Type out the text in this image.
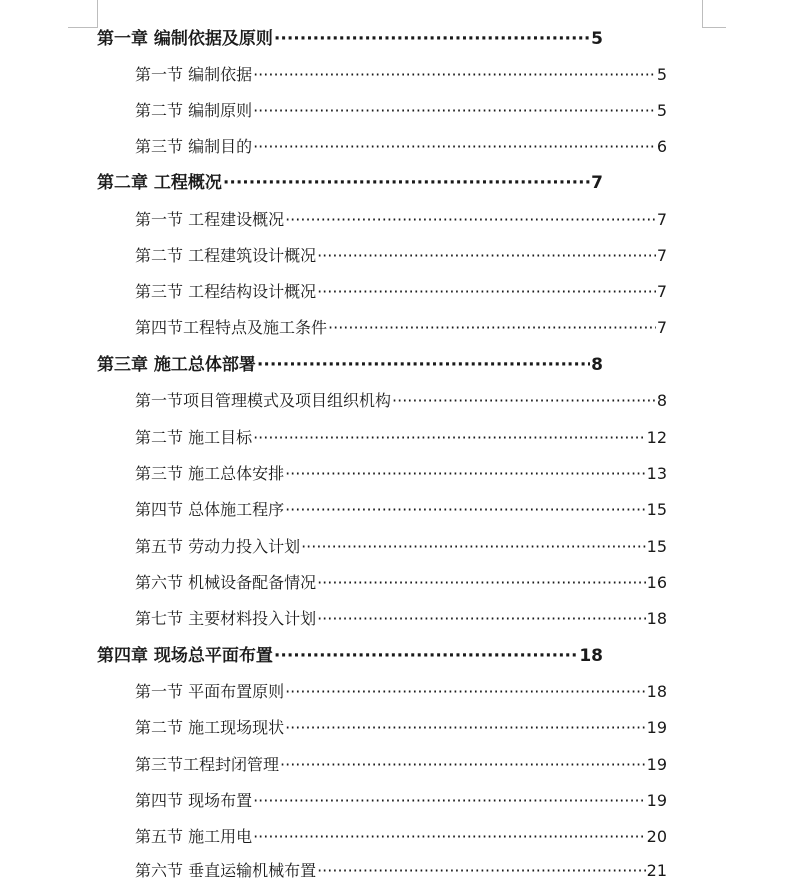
第一章 编制依据及原则 ·····	5
第一节 编制依据 ·····	5
第二节 编制原则 ·····	5
第三节 编制目的 ·····	6
第二章 工程概况 ·····	7
第一节 工程建设概况 ·····	7
第二节 工程建筑设计概况 ·····	7
第三节 工程结构设计概况 ·····	7
第四节工程特点及施工条件 ·····	7
第三章 施工总体部署 ·····	8
第一节项目管理模式及项目组织机构 ·····	8
第二节 施工目标 ·····	12
第三节 施工总体安排 ·····	13
第四节 总体施工程序 ·····	15
第五节 劳动力投入计划 ·····	15
第六节 机械设备配备情况 ·····	16
第七节 主要材料投入计划 ·····	18
第四章 现场总平面布置 ·····	18
第一节 平面布置原则 ·····	18
第二节 施工现场现状 ·····	19
第三节工程封闭管理 ·····	19
第四节 现场布置 ·····	19
第五节 施工用电 ·····	20
第六节 垂直运输机械布置 ·····	21
